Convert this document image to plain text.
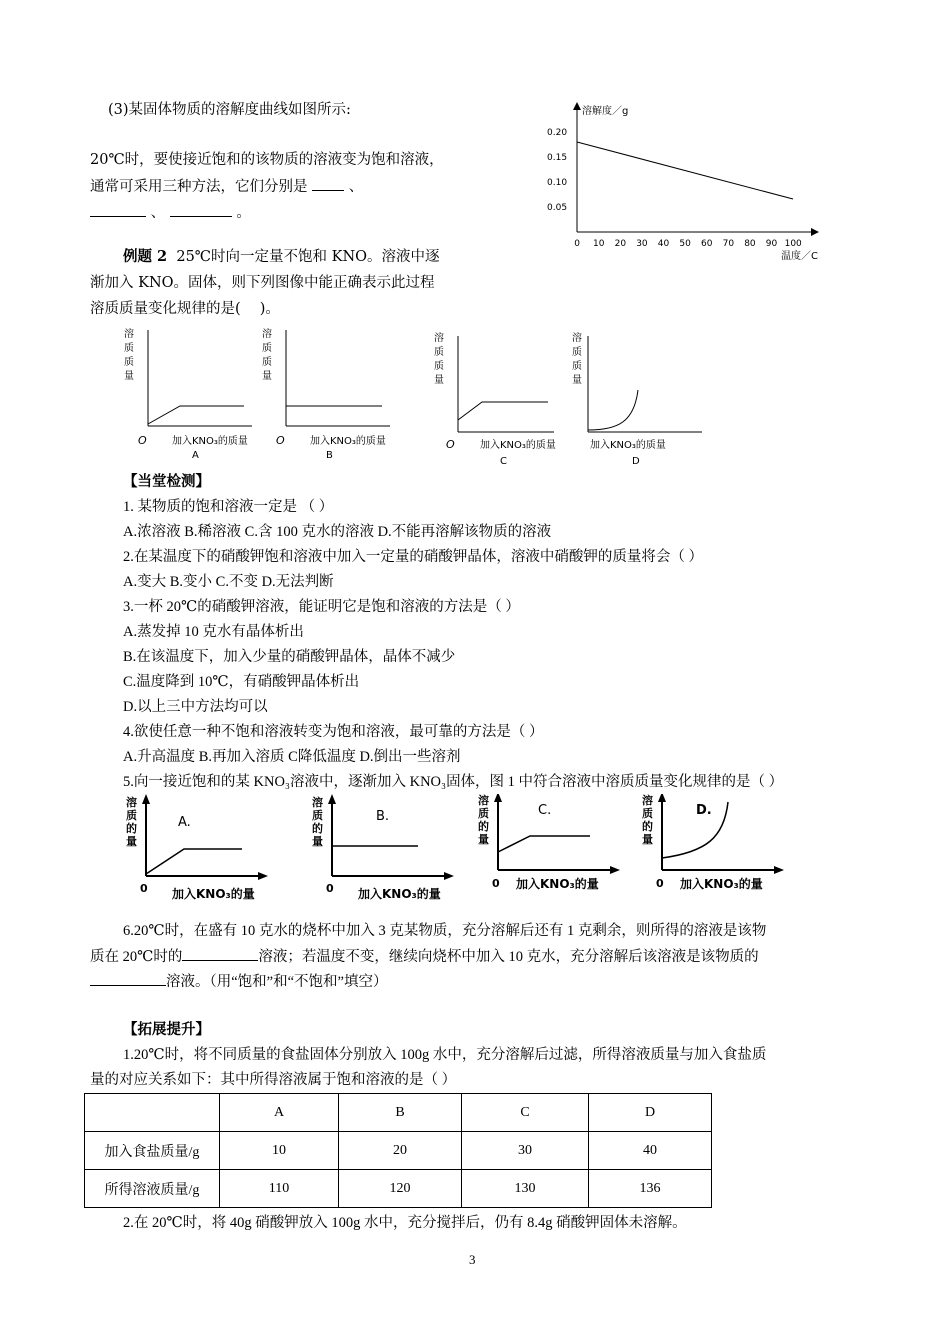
(3)某固体物质的溶解度曲线如图所示:
20℃时，要使接近饱和的该物质的溶液变为饱和溶液，
通常可采用三种方法，它们分别是	、
、	。
溶解度／g
温度／C
0 10 20 30 40 50 60 70 80 90 100
0.20
0.15
0.10
0.05
例题 2 25℃时向一定量不饱和 KNO。溶液中逐
渐加入 KNO。固体，则下列图像中能正确表示此过程
溶质质量变化规律的是(　 )。
溶
质
质
量
O	加入KNO₃的质量
A
溶
质
质
量
O	加入KNO₃的质量
B
溶
质
质
量
O	加入KNO₃的质量
C
溶
质
质
量
加入KNO₃的质量
D
【当堂检测】
1. 某物质的饱和溶液一定是 （ ）
A.浓溶液 B.稀溶液 C.含 100 克水的溶液 D.不能再溶解该物质的溶液
2.在某温度下的硝酸钾饱和溶液中加入一定量的硝酸钾晶体，溶液中硝酸钾的质量将会（ ）
A.变大 B.变小 C.不变 D.无法判断
3.一杯 20℃的硝酸钾溶液，能证明它是饱和溶液的方法是（ ）
A.蒸发掉 10 克水有晶体析出
B.在该温度下，加入少量的硝酸钾晶体，晶体不减少
C.温度降到 10℃，有硝酸钾晶体析出
D.以上三中方法均可以
4.欲使任意一种不饱和溶液转变为饱和溶液，最可靠的方法是（ ）
A.升高温度 B.再加入溶质 C降低温度 D.倒出一些溶剂
5.向一接近饱和的某 KNO₃溶液中，逐渐加入 KNO₃固体，图 1 中符合溶液中溶质质量变化规律的是（ ）
溶
质
的
量
A.
0 加入KNO₃的量
溶
质
的
量
B.
0 加入KNO₃的量
溶
质
的
量
C.
0 加入KNO₃的量
溶
质
的
量
D.
0 加入KNO₃的量
6.20℃时，在盛有 10 克水的烧杯中加入 3 克某物质，充分溶解后还有 1 克剩余，则所得的溶液是该物
质在 20℃时的	溶液；若温度不变，继续向烧杯中加入 10 克水，充分溶解后该溶液是该物质的
溶液。（用“饱和”和“不饱和”填空）
【拓展提升】
1.20℃时，将不同质量的食盐固体分别放入 100g 水中，充分溶解后过滤，所得溶液质量与加入食盐质
量的对应关系如下：其中所得溶液属于饱和溶液的是（ ）
	A	B	C	D
加入食盐质量/g	10	20	30	40
所得溶液质量/g	110	120	130	136
2.在 20℃时，将 40g 硝酸钾放入 100g 水中，充分搅拌后，仍有 8.4g 硝酸钾固体未溶解。
3
